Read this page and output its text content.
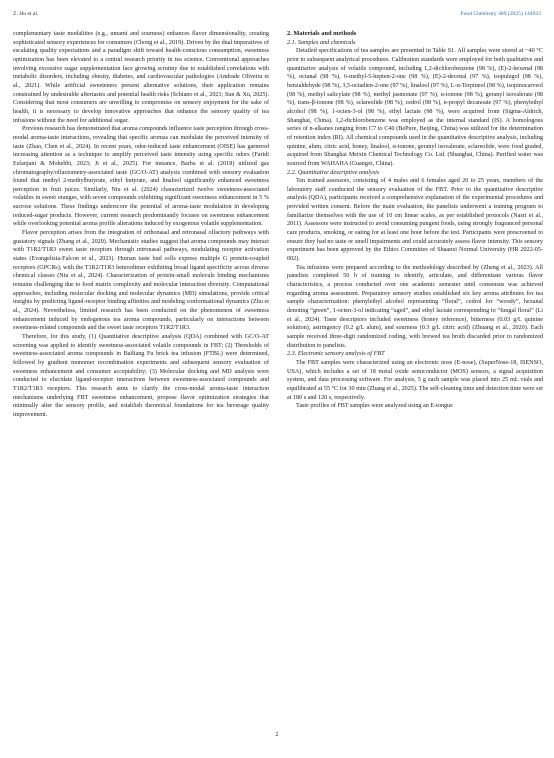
Z. Hu et al.	Food Chemistry 489 (2025) 144933

complementary taste modalities (e.g., umami and sourness) enhances flavor dimensionality, creating sophisticated sensory experiences for consumers (Chong et al., 2019). Driven by the dual imperatives of escalating quality expectations and a paradigm shift toward health-conscious consumption, sweetness optimization has been elevated to a central research priority in tea science. Conventional approaches involving excessive sugar supplementation face growing scrutiny due to established correlations with metabolic disorders, including obesity, diabetes, and cardiovascular pathologies (Andrade Oliveira et al., 2021). While artificial sweeteners present alternative solutions, their application remains constrained by undesirable aftertastes and potential health risks (Schiano et al., 2021; Sun & Xu, 2025). Considering that most consumers are unwilling to compromise on sensory enjoyment for the sake of health, it is necessary to develop innovative approaches that enhance the sensory quality of tea infusions without the need for additional sugar.

Previous research has demonstrated that aroma compounds influence taste perception through cross-modal aroma-taste interactions, revealing that specific aromas can modulate the perceived intensity of taste (Zhao, Chen et al., 2024). In recent years, odor-induced taste enhancement (OISE) has garnered increasing attention as a technique to amplify perceived taste intensity using specific odors (Faridi Esfanjani & Mohebbi, 2023; Ji et al., 2025). For instance, Barba et al. (2018) utilized gas chromatography/olfactometry-associated taste (GC/O-AT) analysis combined with sensory evaluation found that methyl 2-methylbutyrate, ethyl butyrate, and linalool significantly enhanced sweetness perception in fruit juices. Similarly, Niu et al. (2024) characterized twelve sweetness-associated volatiles in sweet oranges, with seven compounds exhibiting significant sweetness enhancement in 5 % sucrose solutions. These findings underscore the potential of aroma-taste modulation in developing reduced-sugar products. However, current research predominantly focuses on sweetness enhancement while overlooking potential aroma profile alterations induced by exogenous volatile supplementation.

Flavor perception arises from the integration of orthonasal and retronasal olfactory pathways with gustatory signals (Zhang et al., 2020). Mechanistic studies suggest that aroma compounds may interact with T1R2/T1R3 sweet taste receptors through retronasal pathways, modulating receptor activation states (Evangelista-Falcon et al., 2023). Human taste bud cells express multiple G protein-coupled receptors (GPCRs), with the T1R2/T1R3 heterodimer exhibiting broad ligand specificity across diverse chemical classes (Niu et al., 2024). Characterization of protein-small molecule binding mechanisms remains challenging due to food matrix complexity and molecular interaction diversity. Computational approaches, including molecular docking and molecular dynamics (MD) simulations, provide critical insights by predicting ligand-receptor binding affinities and modeling conformational dynamics (Zhu et al., 2024). Nevertheless, limited research has been conducted on the phenomenon of sweetness enhancement induced by endogenous tea aroma compounds, particularly on interactions between sweetness-related compounds and the sweet taste receptors T1R2/T1R3.

Therefore, for this study, (1) Quantitative descriptive analysis (QDA) combined with GC/O-AT screening was applied to identify sweetness-associated volatile compounds in FBT; (2) Thresholds of sweetness-associated aroma compounds in Bailiang Fu brick tea infusion (FTBL) were determined, followed by gradient monomer recombination experiments and subsequent sensory evaluation of sweetness enhancement and consumer acceptability; (3) Molecular docking and MD analysis were conducted to elucidate ligand-receptor interactions between sweetness-associated compounds and T1R2/T1R3 receptors. This research aims to clarify the cross-modal aroma-taste interaction mechanisms underlying FBT sweetness enhancement, propose flavor optimization strategies that minimally alter the sensory profile, and establish theoretical foundations for tea beverage quality improvement.

2. Materials and methods

2.1. Samples and chemicals

Detailed specifications of tea samples are presented in Table S1. All samples were stored at −40 °C prior to subsequent analytical procedures. Calibration standards were employed for both qualitative and quantitative analysis of volatile compound, including 1,2-dichlorobenzene (98 %), (E)-2-hexenal (98 %), octanal (98 %), 6-methyl-5-hepten-2-one (98 %), (E)-2-decenal (97 %), isopulegol (98 %), benzaldehyde (98 %), 3,5-octadien-2-one (97 %), linalool (97 %), L-α-Terpineol (98 %), isopinocarveol (98 %), methyl salicylate (98 %), methyl jasmonate (97 %), α-ionone (98 %), geranyl isovalerate (98 %), trans-β-ionone (98 %), sclareolide (98 %), cedrol (98 %), n-propyl decanoate (97 %), phenylethyl alcohol (98 %), 1-octen-3-ol (98 %), ethyl lactate (98 %), were acquired from (Sigma-Aldrich, Shanghai, China). 1,2-dichlorobenzene was employed as the internal standard (IS). A homologous series of n-alkanes ranging from C7 to C40 (BePure, Beijing, China) was utilized for the determination of retention index (RI). All chemical compounds used in the quantitative descriptive analysis, including quinine, alum, citric acid, honey, linalool, α-ionone, geranyl isovalerate, sclareolide, were food graded, acquired from Shanghai Meixin Chemical Technology Co. Ltd. (Shanghai, China). Purified water was sourced from WAHAHA (Guangxi, China).

2.2. Quantitative descriptive analysis

Ten trained assessors, consisting of 4 males and 6 females aged 20 to 25 years, members of the laboratory staff conducted the sensory evaluation of the FBT. Prior to the quantitative descriptive analysis (QDA), participants received a comprehensive explanation of the experimental procedures and provided written consent. Before the main evaluation, the panelists underwent a training program to familiarize themselves with the use of 10 cm linear scales, as per established protocols (Nasri et al., 2011). Assessors were instructed to avoid consuming pungent foods, using strongly fragranced personal care products, smoking, or eating for at least one hour before the test. Participants were prescreened to ensure they had no taste or smell impairments and could accurately assess flavor intensity. This sensory experiment has been approved by the Ethics Committee of Shaanxi Normal University (HR 2022-05-002).

Tea infusions were prepared according to the methodology described by (Zheng et al., 2023). All panelists completed 50 h of training to identify, articulate, and differentiate various flavor characteristics, a process conducted over one academic semester until consensus was achieved regarding aroma assessment. Preparatory sensory studies established six key aroma attributes for tea sample characterization: phenylethyl alcohol representing “floral”, cedrol for “woody”, hexanal denoting “green”, 1-octen-3-ol indicating “aged”, and ethyl lactate corresponding to “fungal floral” (Li et al., 2024). Taste descriptors included sweetness (honey reference), bitterness (0.03 g/L quinine solution), astringency (0.2 g/L alum), and sourness (0.3 g/L citric acid) (Zhuang et al., 2020). Each sample received three-digit randomized coding, with brewed tea broth discarded prior to randomized distribution to panelists.

2.3. Electronic sensory analysis of FBT

The FBT samples were characterized using an electronic nose (E-nose), (SuperNose-18, ISENSO, USA), which includes a set of 18 metal oxide semiconductor (MOS) sensors, a signal acquisition system, and data processing software. For analysis, 5 g each sample was placed into 25 mL vials and equilibrated at 55 °C for 30 min (Zhang et al., 2025). The self-cleaning time and detection time were set at 180 s and 120 s, respectively.

Taste profiles of FBT samples were analyzed using an E-tongue

2
